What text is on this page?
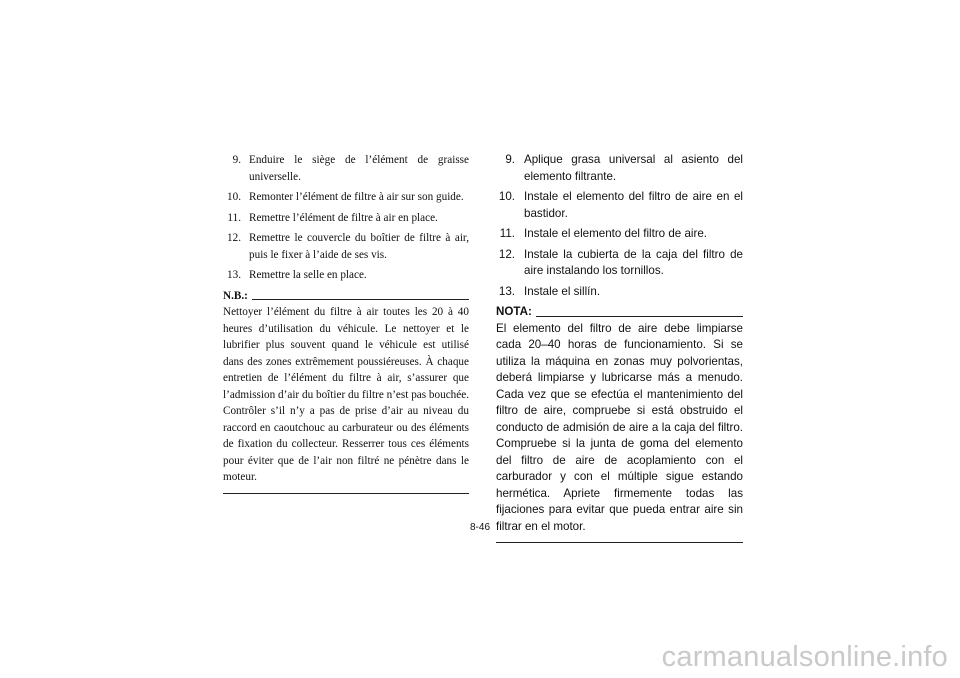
9. Enduire le siège de l’élément de graisse universelle.
10. Remonter l’élément de filtre à air sur son guide.
11. Remettre l’élément de filtre à air en place.
12. Remettre le couvercle du boîtier de filtre à air, puis le fixer à l’aide de ses vis.
13. Remettre la selle en place.
N.B.:

Nettoyer l’élément du filtre à air toutes les 20 à 40 heures d’utilisation du véhicule. Le nettoyer et le lubrifier plus souvent quand le véhicule est utilisé dans des zones extrêmement poussiéreuses. À chaque entretien de l’élément du filtre à air, s’assurer que l’admission d’air du boîtier du filtre n’est pas bouchée. Contrôler s’il n’y a pas de prise d’air au niveau du raccord en caoutchouc au carburateur ou des éléments de fixation du collecteur. Resserrer tous ces éléments pour éviter que de l’air non filtré ne pénètre dans le moteur.

9. Aplique grasa universal al asiento del elemento filtrante.
10. Instale el elemento del filtro de aire en el bastidor.
11. Instale el elemento del filtro de aire.
12. Instale la cubierta de la caja del filtro de aire instalando los tornillos.
13. Instale el sillín.
NOTA:

El elemento del filtro de aire debe limpiarse cada 20–40 horas de funcionamiento. Si se utiliza la máquina en zonas muy polvorientas, deberá limpiarse y lubricarse más a menudo. Cada vez que se efectúa el mantenimiento del filtro de aire, compruebe si está obstruido el conducto de admisión de aire a la caja del filtro. Compruebe si la junta de goma del elemento del filtro de aire de acoplamiento con el carburador y con el múltiple sigue estando hermética. Apriete firmemente todas las fijaciones para evitar que pueda entrar aire sin filtrar en el motor.

8-46
carmanualsonline.info
